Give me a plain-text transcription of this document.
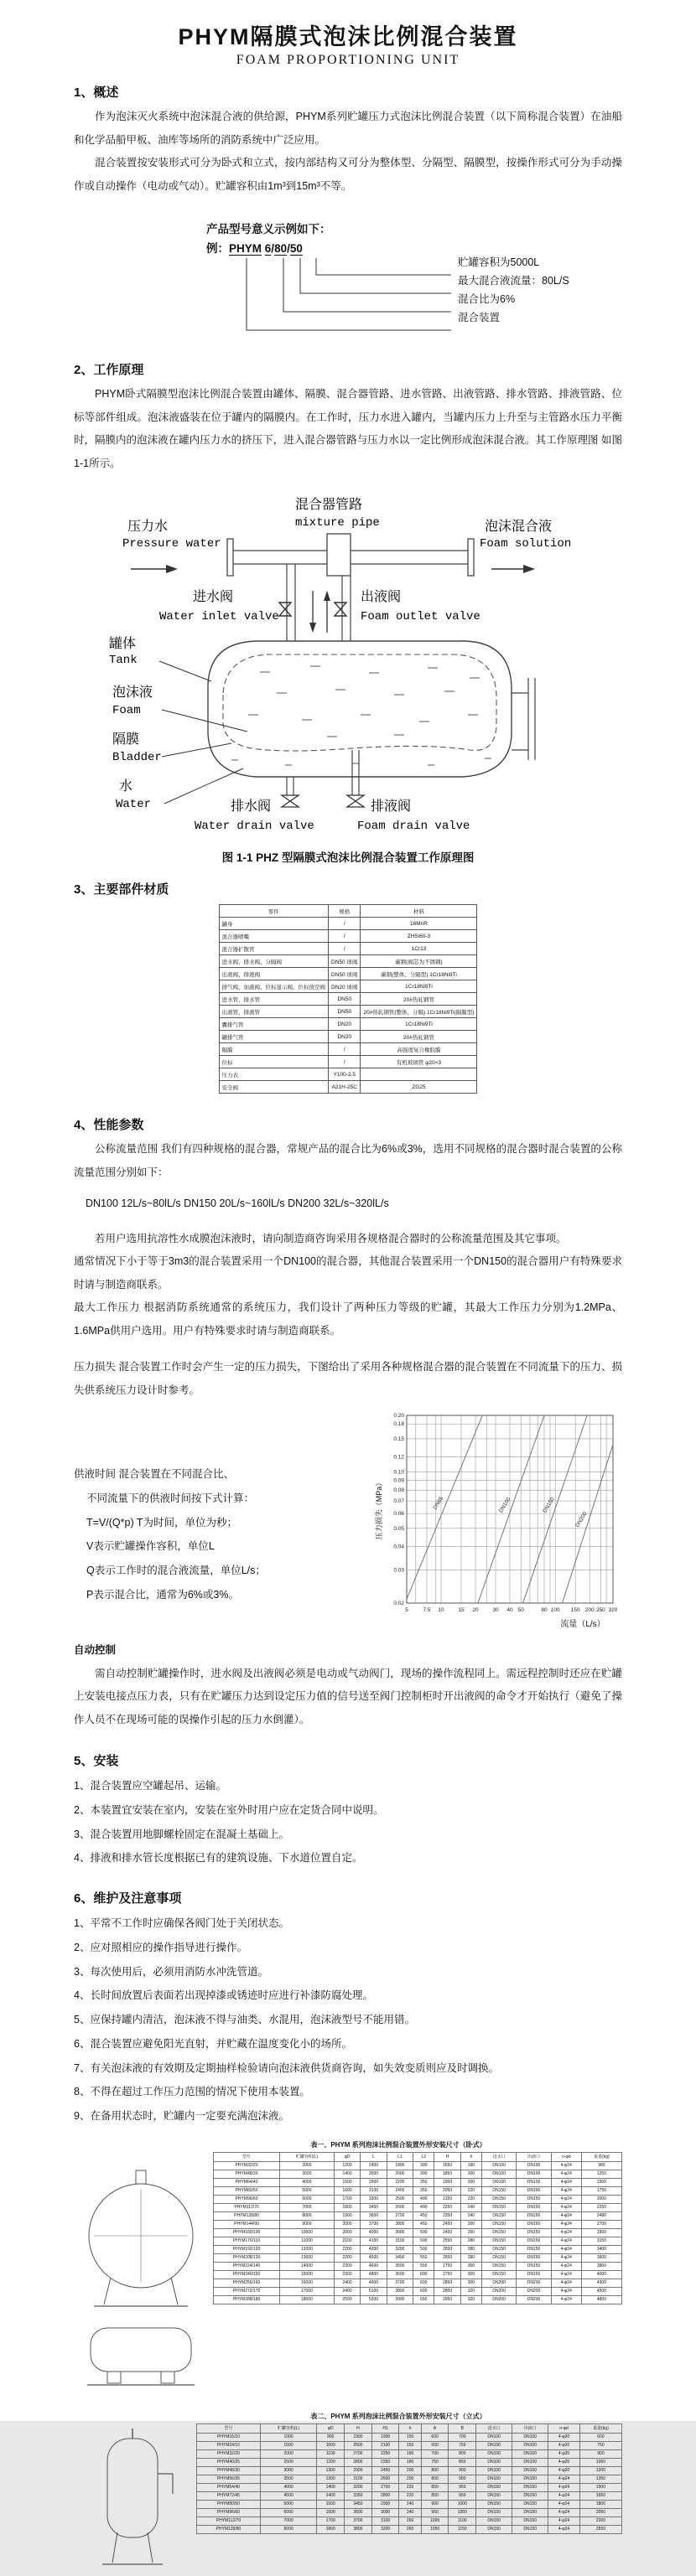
PHYM隔膜式泡沫比例混合装置
FOAM PROPORTIONING UNIT
1、概述
作为泡沫灭火系统中泡沫混合液的供给源，PHYM系列贮罐压力式泡沫比例混合装置（以下简称混合装置）在油船和化学品船甲板、油库等场所的消防系统中广泛应用。
混合装置按安装形式可分为卧式和立式，按内部结构又可分为整体型、分隔型、隔膜型，按操作形式可分为手动操作或自动操作（电动或气动）。贮罐容积由1m³到15m³不等。
产品型号意义示例如下：
例：PHYM 6/80/50
贮罐容积为5000L
最大混合液流量：80L/S
混合比为6%
混合装置
2、工作原理
PHYM卧式隔膜型泡沫比例混合装置由罐体、隔膜、混合器管路、进水管路、出液管路、排水管路、排液管路、位标等部件组成。泡沫液盛装在位于罐内的隔膜内。在工作时，压力水进入罐内，当罐内压力上升至与主管路水压力平衡时，隔膜内的泡沫液在罐内压力水的挤压下，进入混合器管路与压力水以一定比例形成泡沫混合液。其工作原理图 如图1-1所示。
压力水
Pressure water
混合器管路
mixture pipe	泡沫混合液
Foam solution
进水阀
Water inlet valve
出液阀
Foam outlet valve
罐体
Tank
泡沫液
Foam
隔膜
Bladder
水
Water	排水阀
Water drain valve
排液阀
Foam drain valve
图 1-1 PHZ 型隔膜式泡沫比例混合装置工作原理图
3、主要部件材质
零件	规格	材料
罐身	/	16MnR
混合器喷嘴	/	ZHSi60-3
混合器扩散管	/	1Cr13
进水阀、排水阀、分隔阀	DN50 球阀	碳钢(阀芯为不锈钢)
出液阀、排液阀	DN50 球阀	碳钢(整体、分隔型) 1Cr18Ni9Ti
排气阀、加液阀、位标显示阀、位标放空阀	DN20 球阀	1Cr18Ni9Ti
进水管、排水管	DN50	20#热轧钢管
出液管、排液管	DN50	20#热轧钢管(整体、分隔) 1Cr18Ni9Ti(隔膜型)
囊排气管	DN20	1Cr18Ni9Ti
罐排气管	DN20	20#热轧钢管
隔膜	/	高强度复合橡胶膜
位标	/	有机玻璃管 φ20×3
压力表	Y100-2.5	
安全阀	A21H-25C	ZG25
4、性能参数
公称流量范围 我们有四种规格的混合器，常规产品的混合比为6%或3%，选用不同规格的混合器时混合装置的公称流量范围分别如下：
DN100 12L/s~80lL/s DN150 20L/s~160lL/s DN200 32L/s~320lL/s
若用户选用抗溶性水成膜泡沫液时，请向制造商咨询采用各规格混合器时的公称流量范围及其它事项。
通常情况下小于等于3m3的混合装置采用一个DN100的混合器，其他混合装置采用一个DN150的混合器用户有特殊要求时请与制造商联系。
最大工作压力 根据消防系统通常的系统压力，我们设计了两种压力等级的贮罐，其最大工作压力分别为1.2MPa、1.6MPa供用户选用。用户有特殊要求时请与制造商联系。
压力损失 混合装置工作时会产生一定的压力损失，下图给出了采用各种规格混合器的混合装置在不同流量下的压力、损失供系统压力设计时参考。
供液时间 混合装置在不同混合比、
不同流量下的供液时间按下式计算：
T=V/(Q*p) T为时间，单位为秒；
V表示贮罐操作容积，单位L
Q表示工作时的混合液流量，单位L/s；
P表示混合比，通常为6%或3%。
5	7.5 10	15 20	30 40 50	80 100 150 200 250 320
0.02
0.03
0.04
0.05
0.06
0.07
0.08
0.09
0.10
0.12
0.15
0.18
0.20
DN65	DN100	DN150
DN200
压力损失（MPa）
流量（L/s）
自动控制
需自动控制贮罐操作时，进水阀及出液阀必须是电动或气动阀门，现场的操作流程同上。需远程控制时还应在贮罐上安装电接点压力表，只有在贮罐压力达到设定压力值的信号送至阀门控制柜时开出液阀的命令才开始执行（避免了操作人员不在现场可能的误操作引起的压力水倒灌）。
5、安装
1、混合装置应空罐起吊、运输。
2、本装置宜安装在室内，安装在室外时用户应在定货合同中说明。
3、混合装置用地脚螺栓固定在混凝土基础上。
4、排液和排水管长度根据已有的建筑设施、下水道位置自定。
6、维护及注意事项
1、平常不工作时应确保各阀门处于关闭状态。
2、应对照相应的操作指导进行操作。
3、每次使用后，必须用消防水冲洗管道。
4、长时间放置后表面若出现掉漆或锈迹时应进行补漆防腐处理。
5、应保持罐内清洁，泡沫液不得与油类、水混用，泡沫液型号不能用错。
6、混合装置应避免阳光直射，并贮藏在温度变化小的场所。
7、有关泡沫液的有效期及定期抽样检验请向泡沫液供货商咨询，如失效变质则应及时调换。
8、不得在超过工作压力范围的情况下使用本装置。
9、在备用状态时，贮罐内一定要充满泡沫液。
表一、PHYM 系列泡沫比例混合装置外形安装尺寸（卧式）
型号	贮罐容积(L)	φD	L	L1	L2	H	h	进水口	出液口	n-φd	重量(kg)
PHYM32/20	2000	1200	2400	1800	300	1650	180	DN100	DN100	4-φ24	980
PHYM48/30	3000	1400	2600	2000	300	1850	200	DN100	DN100	4-φ24	1250
PHYM64/40	4000	1500	2900	2200	350	1950	200	DN100	DN100	4-φ24	1500
PHYM80/50	5000	1600	3100	2400	350	2050	220	DN150	DN150	4-φ24	1750
PHYM96/60	6000	1700	3300	2500	400	2150	220	DN150	DN150	4-φ24	2000
PHYM112/70	7000	1800	3450	2600	400	2250	240	DN150	DN150	4-φ24	2250
PHYM128/80	8000	1900	3600	2700	450	2350	240	DN150	DN150	4-φ24	2480
PHYM144/90	9000	2000	3700	2800	450	2450	260	DN150	DN150	4-φ24	2700
PHYM160/100	10000	2000	4000	3000	500	2450	260	DN150	DN150	4-φ24	2950
PHYM176/110	11000	2100	4100	3100	500	2550	280	DN150	DN150	4-φ24	3150
PHYM192/120	12000	2200	4200	3200	500	2650	280	DN150	DN150	4-φ24	3400
PHYM208/130	13000	2200	4500	3400	550	2650	280	DN150	DN150	4-φ24	3600
PHYM224/140	14000	2300	4600	3500	550	2750	300	DN150	DN150	4-φ24	3800
PHYM240/150	15000	2300	4800	3600	600	2750	300	DN150	DN150	4-φ24	4000
PHYM256/160	16000	2400	4900	3700	600	2850	300	DN200	DN200	4-φ24	4300
PHYM272/170	17000	2400	5100	3800	600	2850	320	DN200	DN200	4-φ24	4500
PHYM288/180	18000	2500	5200	3900	650	2950	320	DN200	DN200	4-φ24	4800
表二、PHYM 系列泡沫比例混合装置外形安装尺寸（立式）
型号	贮罐容积(L)	φD	H	H1	h	A	B	进水口	出液口	n-φd	重量(kg)
PHYM16/10	1000	900	2300	1900	150	600	700	DN100	DN100	4-φ20	600
PHYM24/15	1500	1000	2500	2100	150	650	750	DN100	DN100	4-φ20	750
PHYM32/20	2000	1100	2700	2250	180	700	800	DN100	DN100	4-φ20	900
PHYM40/25	2500	1200	2800	2350	180	750	850	DN100	DN100	4-φ20	1050
PHYM48/30	3000	1300	2900	2450	200	800	900	DN100	DN100	4-φ20	1200
PHYM56/35	3500	1300	3100	2600	200	800	900	DN150	DN150	4-φ24	1350
PHYM64/40	4000	1400	3200	2700	220	850	950	DN150	DN150	4-φ24	1500
PHYM72/45	4500	1400	3350	2800	220	850	950	DN150	DN150	4-φ24	1650
PHYM80/50	5000	1500	3450	2900	240	900	1000	DN150	DN150	4-φ24	1800
PHYM96/60	6000	1600	3600	3000	240	950	1050	DN150	DN150	4-φ24	2050
PHYM112/70	7000	1700	3700	3100	260	1000	1100	DN150	DN150	4-φ24	2300
PHYM128/80	8000	1800	3800	3200	260	1050	1150	DN150	DN150	4-φ24	2550
